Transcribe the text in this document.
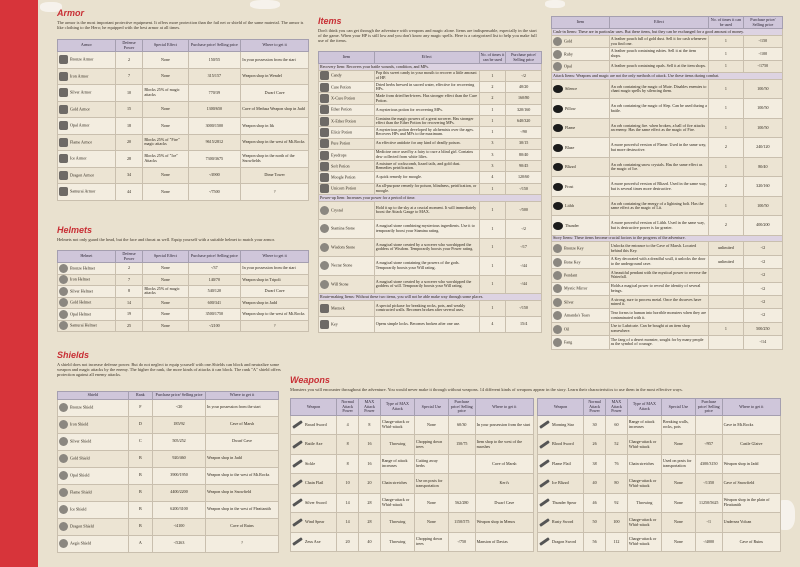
Armor
The armor is the most important protective equipment. It offers more protection than the fail net or shield of the same material. The armor is like clothing to the Hero; he equipped with the best armor at all times.
Armor	Defense Power	Special Effect	Purchase price/ Selling price	Where to get it
Bronze Armor	2	None	150/55	In your possession from the start
Iron Armor	7	None	315/157	Weapon shop in Wendel
Silver Armor	10	Blocks 25% of magic attacks	770/39	Dwarf Cave
Gold Armor	15	None	1300/650	Cave of Medusa Weapon shop in Jadd
Opal Armor	18	None	3000/1500	Weapon shop in Itk
Flame Armor	20	Blocks 25% of "Fire" magic attacks	9615/2812	Weapon shop in the west of Mt.Rocks
Ice Armor	28	Blocks 25% of "Ice" Attacks	7300/3675	Weapon shop in the north of the Snowfields
Dragon Armor	34	None	-/4900	Dime Tower
Samurai Armor	44	None	-/7500	?
Helmets
Helmets not only guard the head, but the face and throat as well. Equip yourself with a suitable helmet to match your armor.
Helmet	Defense Power	Special Effect	Purchase price/ Selling price	Where to get it
Bronze Helmet	2	None	-/37	In your possession from the start
Iron Helmet	7	None	140/70	Weapon shop in Tripoli
Silver Helmet	8	Blocks 25% of magic attacks	540/120	Dwarf Cave
Gold Helmet	14	None	600/341	Weapon shop in Jadd
Opal Helmet	19	None	3500/1750	Weapon shop to the west of Mt.Rocks
Samurai Helmet	25	None	-/2100	?
Shields
A shield does not increase defense power. But do not neglect to equip yourself with one.Shields can block and neutralize some weapon and magic attacks by the enemy. The higher the rank, the more kinds of attacks it can block. The rank "A" shield offers protection against all enemy attacks.
Shield	Rank	Purchase price/ Selling price	Where to get it
Bronze Shield	F	-/20	In your possession from the start
Iron Shield	D	185/92	Cave of Marsh
Silver Shield	C	505/252	Dwarf Cave
Gold Shield	B	920/460	Weapon shop in Jadd
Opal Shield	B	3900/1950	Weapon shop to the west of Mt.Rocks
Flame Shield	B	4400/2200	Weapon shop in Snowfield
Ice Shield	B	6200/3100	Weapon shop in the west of Fleattanith
Dragon Shield	B	-/4100	Cave of Ruins
Aegis Shield	A	-/5263	?
Items
Don't think you can get through the adventure with weapons and magic alone. Items are indispensable, especially in the start of the game. When your HP is still low and you don't know any magic spells. Here is a categorized list to help you make full use of the items.
Item	Effect	No. of times it can be used	Purchase price/ Selling price
Recovery Item: Recovers your battle wounds, condition, and MPs.			
Candy	Pop this sweet candy in your mouth to recover a little amount of HP.	1	-/2
Cure Potion	Dried herbs brewed in sacred water, effective for recovering HPs.	2	40/20
X-Cure Potion	Made from dried herb-trees. Has stronger effect than the Cure Potion.	2	160/80
Ether Potion	A mysterious potion for recovering MPs.	1	320/160
X-Ether Potion	Contains the magic powers of a great sorcerer. Has stronger effect than the Ether Potion for recovering MPs.	1	640/320
Elixir Potion	A mysterious potion developed by alchemists over the ages. Recovers HPs and MPs to the maximum.	1	-/90
Pure Potion	An effective antidote for any kind of deadly poison.	3	30/15
Eyedrops	Medicine once used by a fairy to cure a blind girl. Contains dew collected from white lilies.	3	80/40
Soft Potion	A mixture of cockscomb, lizard tails, and gold dust. Remedies petrification.	3	90/45
Moogle Potion	A quick remedy for moogle.	4	120/60
Unicorn Potion	An all-purpose remedy for poison, blindness, petrification, or moogle.	1	-/150
Power-up Item: Increases your power for a period of time.			
Crystal	Hold it up to the sky at a crucial moment. It will immediately boost the Attack Gauge to MAX.	1	-/500
Stamina Stone	A magical stone combining mysterious ingredients. Use it to temporarily boost your Stamina rating.	1	-/2
Wisdom Stone	A magical stone created by a sorcerer who worshipped the goddess of Wisdom. Temporarily boosts your Power rating.	1	-/17
Nectar Stone	A magical stone containing the powers of the gods. Temporarily boosts your Will rating.	1	-/44
Will Stone	A magical stone created by a sorcerer who worshipped the goddess of will. Temporarily boosts your Will rating.	1	-/44
Route-making Items: Without these two items, you will not be able make way through some places.			
Mattock	A special pickaxe for breaking rocks, pots, and weakly constructed walls. Becomes broken after several uses.	1	-/150
Key	Opens simple locks. Becomes broken after one use.	4	15/4
Item	Effect	No. of times it can be used	Purchase price/ Selling price
Cash-in Items: These are in particular uses. But these items, but they can be exchanged for a good amount of money.			
Gold	A leather pouch full of gold dust. Sell it for cash whenever you find one.	1	-/150
Ruby	A leather pouch containing rubies. Sell it at the item shops.	1	-/100
Opal	A leather pouch containing opals. Sell it at the item shops.	1	-/1750
Attack Items: Weapons and magic are not the only methods of attack. Use these items during combat.			
Silence	An orb containing the magic of Mute. Disables enemies to chant magic spells by silencing them.	1	100/50
Pillow	An orb containing the magic of Slep. Can be used during a battle.	1	100/50
Flame	An orb containing fire. when broken, a ball of fire attacks an enemy. Has the same effect as the magic of Fire.	1	100/50
Blaze	A more powerful version of Flame. Used in the same way, but more destructive.	2	240/120
Blizzd	An orb containing snow crystals. Has the same effect as the magic of Ice.	1	80/40
Frost	A more powerful version of Blizzd. Used in the same way, but is several times more destructive.	2	320/160
Lithh	An orb containing the energy of a lightning bolt. Has the same effect as the magic of Lit.	1	100/50
Thunder	A more powerful version of Lithh. Used in the same way, but is destructive power is far greater.	2	400/200
Story Items: These items become crucial factors to the progress of the adventure.			
Bronze Key	Unlocks the entrance to the Cave of Marsh. Located behind this Key.	unlimited	-/2
Bone Key	A Key decorated with a dreadful scull, it unlocks the door to the underground cave.	unlimited	-/2
Pendant	A beautiful pendant with the mystical power to reverse the Waterfall.		-/2
Mystic Mirror	Holds a magical power to reveal the identity of several beings.		-/2
Silver	A strong, sure to process metal. Once the dwarves have mined it.		-/2
Amanda's Tears	Tear forms to human into horrible monsters when they are contaminated with it.		-/2
Oil	Use to Lubricate. Can be bought at an item shop somewhere.	1	500/250
Fang	The fang of a desert monster, sought for by many people as the symbol of courage.		-/14
Weapons
Monsters you will encounter throughout the adventure. You would never make it through without weapons. 14 different kinds of weapons appear in the story. Learn their characteristics to use them in the most effective ways.
Weapon	Normal Attack Power	MAX Attack Power	Type of MAX Attack	Special Use	Purchase price/ Selling price	Where to get it
Broad Sword	4	8	Charge-attack or Whirl-attack	None	60/30	In your possession from the start
Battle Axe	8	16	Throwing	Chopping down trees	150/75	Item shop to the west of the marshes
Sickle	8	16	Range of attack increases	Cutting away herbs		Cave of Marsh
Chain Flail	10	20	Chain stretches	Use on posts for transportation		Keri's
Silver Sword	14	28	Charge-attack or Whirl-attack	None	562/280	Dwarf Cave
Wind Spear	14	28	Throwing	None	1150/575	Weapon shop in Menos
Zeus Axe	20	40	Throwing	Chopping down trees	-/750	Mansion of Davias
Weapon	Normal Attack Power	MAX Attack Power	Type of MAX Attack	Special Use	Purchase price/ Selling price	Where to get it
Morning Star	30	60	Range of attack increases	Breaking walls, rocks, pots		Cave in Mt.Rocks
Blood Sword	26	52	Charge-attack or Whirl-attack	None	-/957	Castle Glaive
Flame Flail	38	76	Chain stretches	Used on posts for transportation	4300/3150	Weapon shop in Jadd
Ice Blizzd	40	80	Charge-attack or Whirl-attack	None	-/1350	Cave of Snowfield
Thunder Spear	46	92	Throwing	None	11250/5625	Weapon shop in the plain of Fleattanith
Rusty Sword	50	100	Charge-attack or Whirl-attack	None	-/1	Undersea Volcan
Dragon Sword	56	112	Charge-attack or Whirl-attack	None	-/4000	Cave of Ruins
